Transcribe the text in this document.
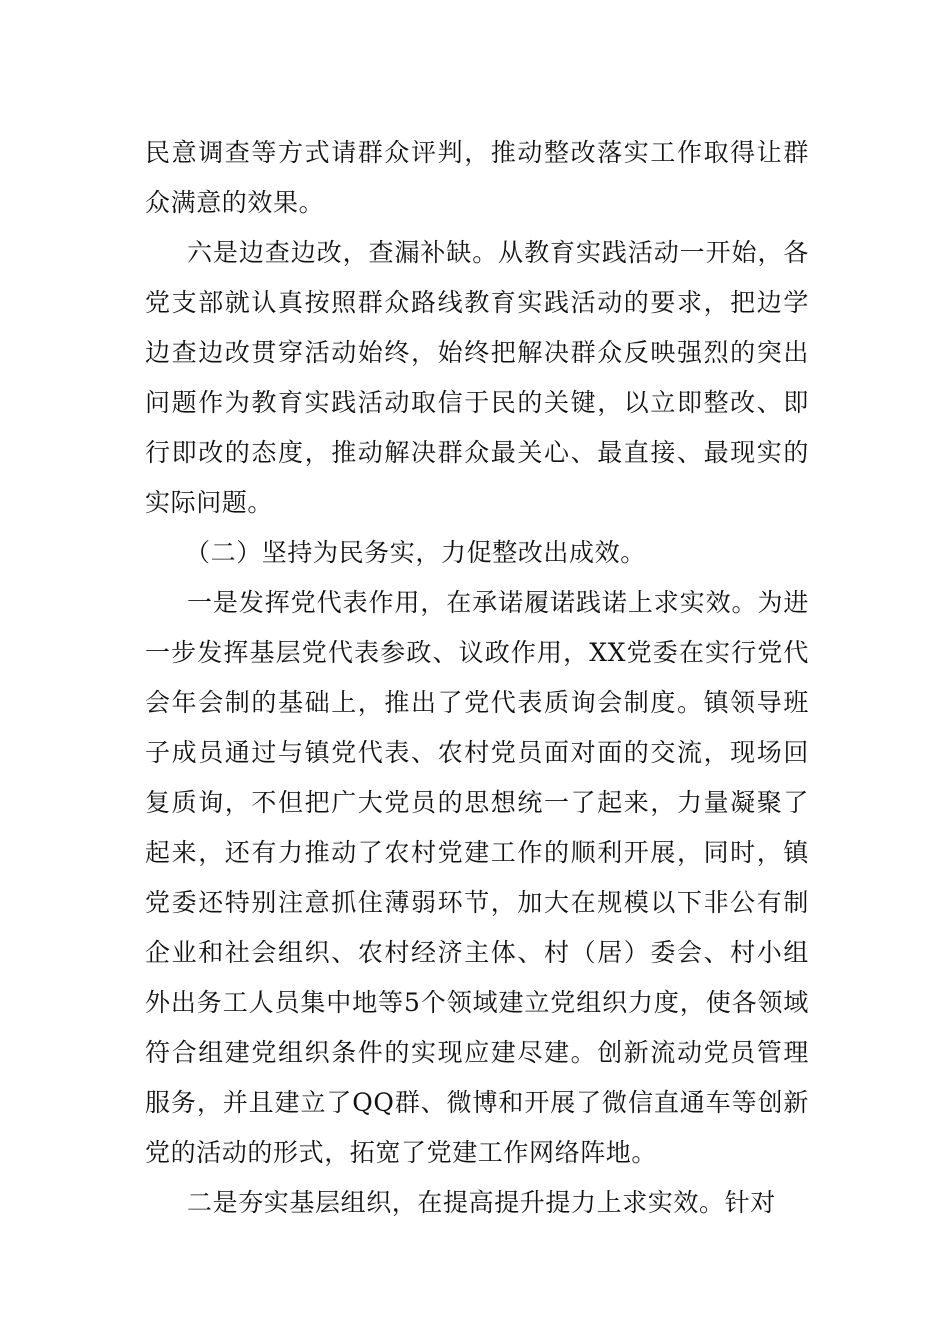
民意调查等方式请群众评判，推动整改落实工作取得让群众满意的效果。

六是边查边改，查漏补缺。从教育实践活动一开始，各党支部就认真按照群众路线教育实践活动的要求，把边学边查边改贯穿活动始终，始终把解决群众反映强烈的突出问题作为教育实践活动取信于民的关键，以立即整改、即行即改的态度，推动解决群众最关心、最直接、最现实的实际问题。

（二）坚持为民务实，力促整改出成效。

一是发挥党代表作用，在承诺履诺践诺上求实效。为进一步发挥基层党代表参政、议政作用，XX党委在实行党代会年会制的基础上，推出了党代表质询会制度。镇领导班子成员通过与镇党代表、农村党员面对面的交流，现场回复质询，不但把广大党员的思想统一了起来，力量凝聚了起来，还有力推动了农村党建工作的顺利开展，同时，镇党委还特别注意抓住薄弱环节，加大在规模以下非公有制企业和社会组织、农村经济主体、村（居）委会、村小组外出务工人员集中地等5个领域建立党组织力度，使各领域符合组建党组织条件的实现应建尽建。创新流动党员管理服务，并且建立了QQ群、微博和开展了微信直通车等创新党的活动的形式，拓宽了党建工作网络阵地。

二是夯实基层组织，在提高提升提力上求实效。针对
